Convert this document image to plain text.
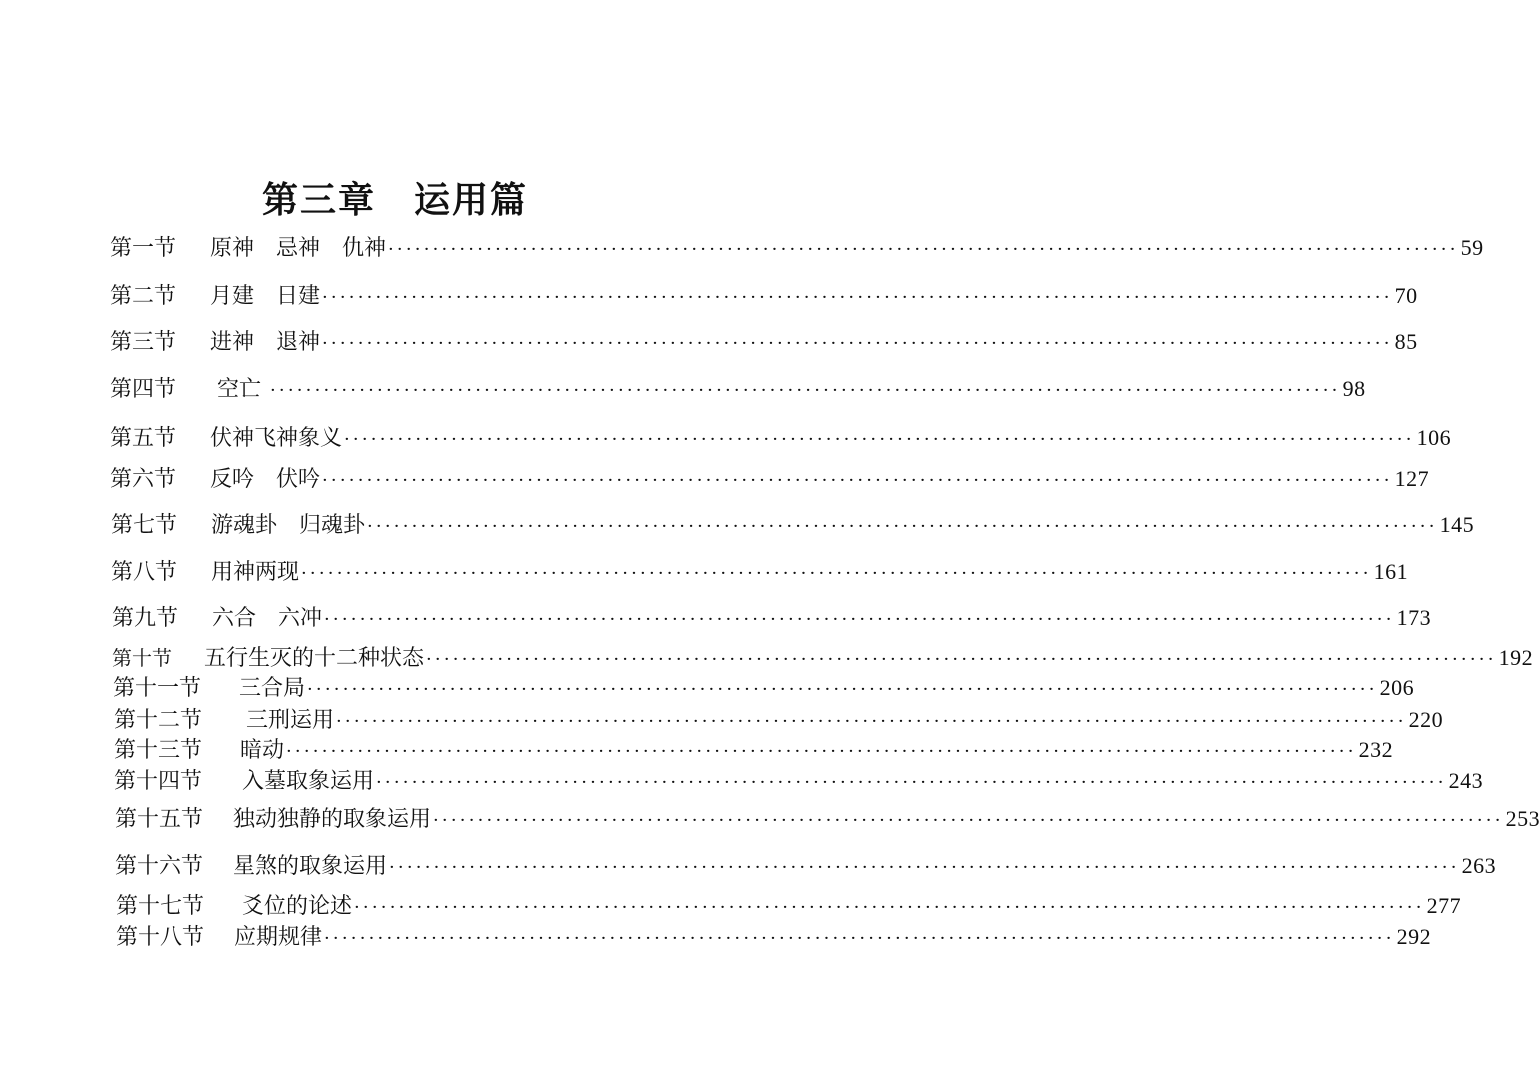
第三章　运用篇
第一节	原神　忌神　仇神 ························································································································ 59
第二节	月建　日建 ························································································································ 70
第三节	进神　退神 ························································································································ 85
第四节	空亡 ························································································································ 98
第五节	伏神飞神象义 ························································································································ 106
第六节	反吟　伏吟 ························································································································ 127
第七节	游魂卦　归魂卦 ························································································································ 145
第八节	用神两现 ························································································································ 161
第九节	六合　六冲 ························································································································ 173
第十节	五行生灭的十二种状态 ························································································································ 192
第十一节	三合局 ························································································································ 206
第十二节	三刑运用 ························································································································ 220
第十三节	暗动 ························································································································ 232
第十四节	入墓取象运用 ························································································································ 243
第十五节	独动独静的取象运用 ························································································································ 253
第十六节	星煞的取象运用 ························································································································ 263
第十七节	爻位的论述 ························································································································ 277
第十八节	应期规律 ························································································································ 292
